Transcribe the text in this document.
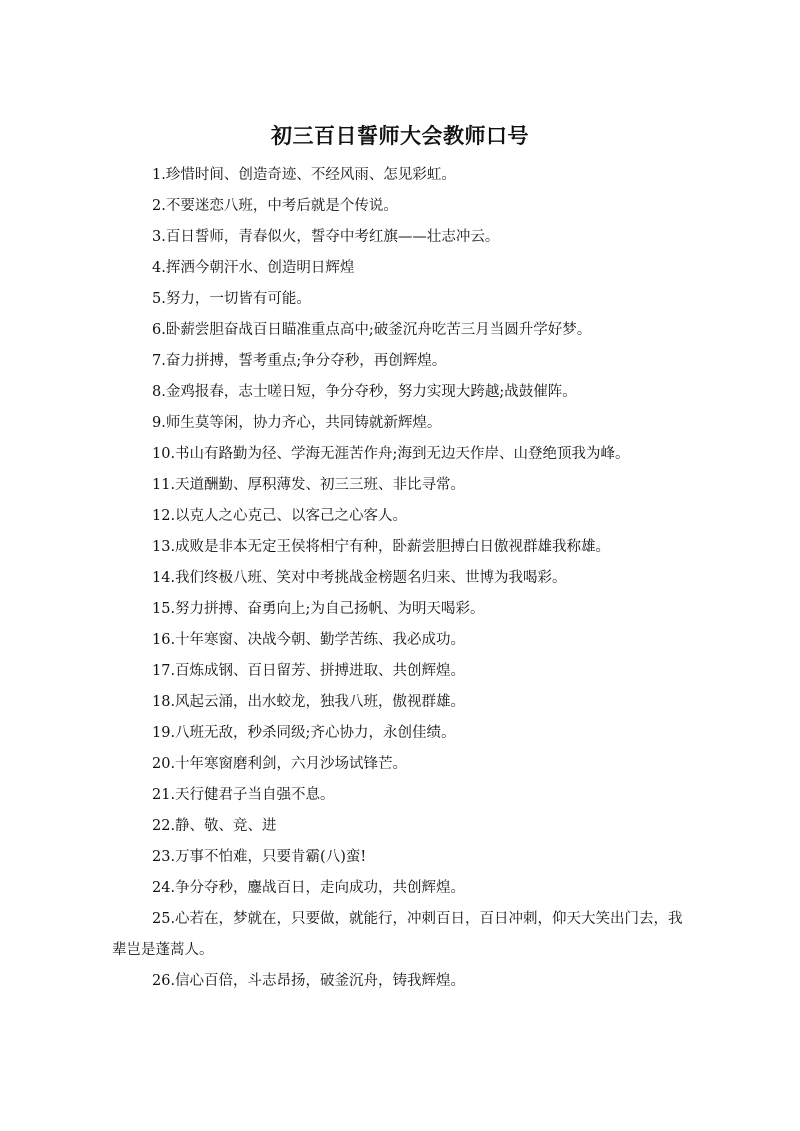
初三百日誓师大会教师口号
1.珍惜时间、创造奇迹、不经风雨、怎见彩虹。
2.不要迷恋八班，中考后就是个传说。
3.百日誓师，青春似火，誓夺中考红旗——壮志冲云。
4.挥洒今朝汗水、创造明日辉煌
5.努力，一切皆有可能。
6.卧薪尝胆奋战百日瞄准重点高中;破釜沉舟吃苦三月当圆升学好梦。
7.奋力拼搏，誓考重点;争分夺秒，再创辉煌。
8.金鸡报春，志士嗟日短，争分夺秒，努力实现大跨越;战鼓催阵。
9.师生莫等闲，协力齐心，共同铸就新辉煌。
10.书山有路勤为径、学海无涯苦作舟;海到无边天作岸、山登绝顶我为峰。
11.天道酬勤、厚积薄发、初三三班、非比寻常。
12.以克人之心克己、以客己之心客人。
13.成败是非本无定王侯将相宁有种，卧薪尝胆搏白日傲视群雄我称雄。
14.我们终极八班、笑对中考挑战金榜题名归来、世博为我喝彩。
15.努力拼搏、奋勇向上;为自己扬帆、为明天喝彩。
16.十年寒窗、决战今朝、勤学苦练、我必成功。
17.百炼成钢、百日留芳、拼搏进取、共创辉煌。
18.风起云涌，出水蛟龙，独我八班，傲视群雄。
19.八班无敌，秒杀同级;齐心协力，永创佳绩。
20.十年寒窗磨利剑，六月沙场试锋芒。
21.天行健君子当自强不息。
22.静、敬、竞、进
23.万事不怕难，只要肯霸(八)蛮!
24.争分夺秒，鏖战百日，走向成功，共创辉煌。
25.心若在，梦就在，只要做，就能行，冲刺百日，百日冲刺，仰天大笑出门去，我辈岂是蓬蒿人。
26.信心百倍，斗志昂扬，破釜沉舟，铸我辉煌。
